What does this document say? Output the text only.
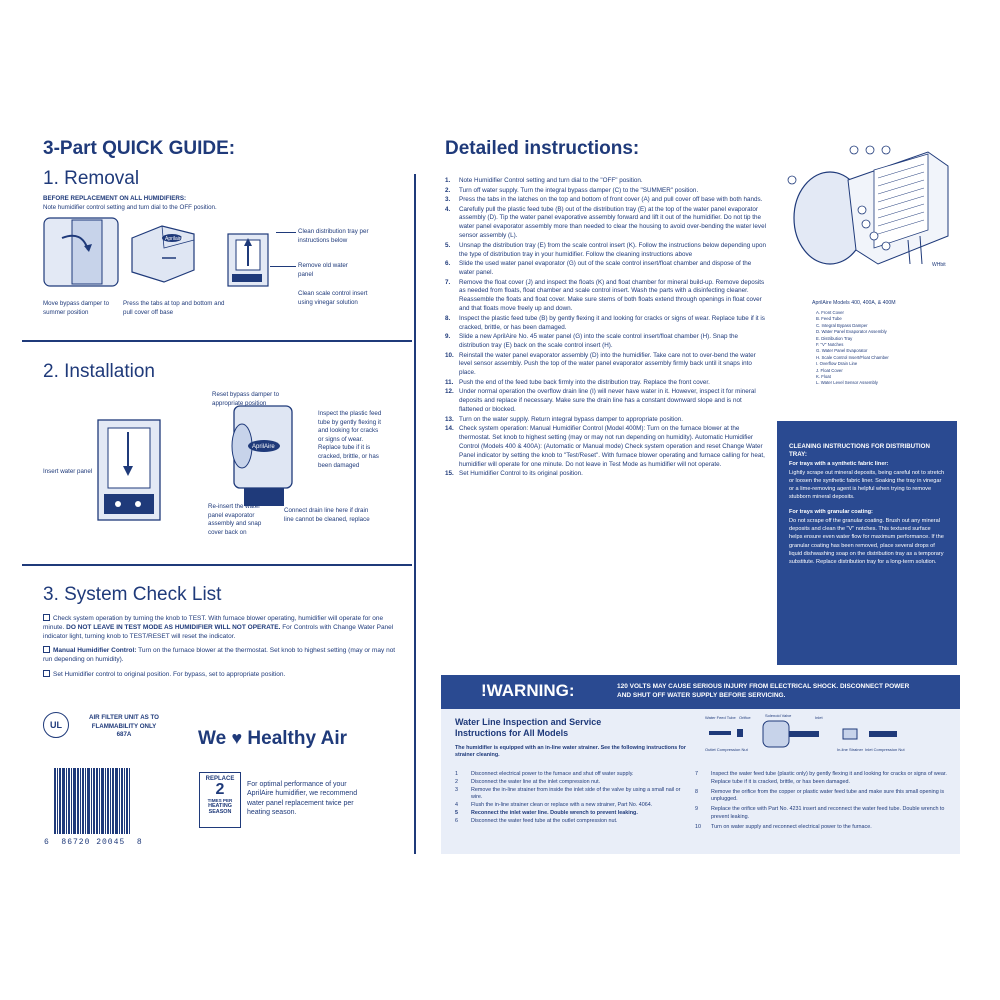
3-Part QUICK GUIDE:
1. Removal
BEFORE REPLACEMENT ON ALL HUMIDIFIERS:
Note humidifier control setting and turn dial to the OFF position.
Aprilaire
Move bypass damper to summer position
Press the tabs at top and bottom and pull cover off base
Clean distribution tray per instructions below
Remove old water panel
Clean scale control insert using vinegar solution
2. Installation
AprilAire
Reset bypass damper to appropriate position
Inspect the plastic feed tube by gently flexing it and looking for cracks or signs of wear. Replace tube if it is cracked, brittle, or has been damaged
Insert water panel
Re-insert the water panel evaporator assembly and snap cover back on
Connect drain line here if drain line cannot be cleaned, replace
3. System Check List
Check system operation by turning the knob to TEST. With furnace blower operating, humidifier will operate for one minute. DO NOT LEAVE IN TEST MODE AS HUMIDIFIER WILL NOT OPERATE. For Controls with Change Water Panel indicator light, turning knob to TEST/RESET will reset the indicator.
Manual Humidifier Control: Turn on the furnace blower at the thermostat. Set knob to highest setting (may or may not run depending on humidity).
Set Humidifier control to original position. For bypass, set to appropriate position.
UL
AIR FILTER UNIT AS TO FLAMMABILITY ONLY 687A
6  86720 20045  8
We ♥ Healthy Air
REPLACE
2
TIMES PER
HEATING SEASON
For optimal performance of your AprilAire humidifier, we recommend water panel replacement twice per heating season.
Detailed instructions:
1. Note Humidifier Control setting and turn dial to the "OFF" position.
2. Turn off water supply. Turn the integral bypass damper (C) to the "SUMMER" position.
3. Press the tabs in the latches on the top and bottom of front cover (A) and pull cover off base with both hands.
4. Carefully pull the plastic feed tube (B) out of the distribution tray (E) at the top of the water panel evaporator assembly (D). Tip the water panel evaporative assembly forward and lift it out of the humidifier. Do not tip the water panel evaporator assembly more than needed to clear the housing to avoid over-bending the water level sensor assembly (L).
5. Unsnap the distribution tray (E) from the scale control insert (K). Follow the instructions below depending upon the type of distribution tray in your humidifier. Follow the cleaning instructions above
6. Slide the used water panel evaporator (G) out of the scale control insert/float chamber and dispose of the water panel.
7. Remove the float cover (J) and inspect the floats (K) and float chamber for mineral build-up. Remove deposits as needed from floats, float chamber and scale control insert. Wash the parts with a disinfecting cleaner. Reassemble the floats and float cover. Make sure stems of both floats extend through openings in float cover and that floats move freely up and down.
8. Inspect the plastic feed tube (B) by gently flexing it and looking for cracks or signs of wear. Replace tube if it is cracked, brittle, or has been damaged.
9. Slide a new AprilAire No. 45 water panel (G) into the scale control insert/float chamber (H). Snap the distribution tray (E) back on the scale control insert (H).
10. Reinstall the water panel evaporator assembly (D) into the humidifier. Take care not to over-bend the water level sensor assembly. Push the top of the water panel evaporator assembly firmly back until it snaps into place.
11. Push the end of the feed tube back firmly into the distribution tray. Replace the front cover.
12. Under normal operation the overflow drain line (I) will never have water in it. However, inspect it for mineral deposits and replace if necessary. Make sure the drain line has a constant downward slope and is not flattened or blocked.
13. Turn on the water supply. Return integral bypass damper to appropriate position.
14. Check system operation: Manual Humidifier Control (Model 400M): Turn on the furnace blower at the thermostat. Set knob to highest setting (may or may not run depending on humidity). Automatic Humidifier Control (Models 400 & 400A): (Automatic or Manual mode) Check system operation and reset Change Water Panel indicator by setting the knob to "Test/Reset". With furnace blower operating and furnace calling for heat, humidifier will operate for one minute. Do not leave in Test Mode as humidifier will not operate.
15. Set Humidifier Control to its original position.
WHbit
AprilAire Models 400, 400A, & 400M
A. Front Cover
B. Feed Tube
C. Integral Bypass Damper
D. Water Panel Evaporator Assembly
E. Distribution Tray
F. "V" Notches
G. Water Panel Evaporator
H. Scale Control Insert/Float Chamber
I. Overflow Drain Line
J. Float Cover
K. Float
L. Water Level Sensor Assembly
CLEANING INSTRUCTIONS FOR DISTRIBUTION TRAY:
For trays with a synthetic fabric liner:
Lightly scrape out mineral deposits, being careful not to stretch or loosen the synthetic fabric liner. Soaking the tray in vinegar or a lime-removing agent is helpful when trying to remove stubborn mineral deposits.
For trays with granular coating:
Do not scrape off the granular coating. Brush out any mineral deposits and clean the "V" notches. This textured surface helps ensure even water flow for maximum performance. If the granular coating has been removed, place several drops of liquid dishwashing soap on the distribution tray as a temporary substitute. Replace distribution tray for a long-term solution.
!WARNING:	120 VOLTS MAY CAUSE SERIOUS INJURY FROM ELECTRICAL SHOCK. DISCONNECT POWER AND SHUT OFF WATER SUPPLY BEFORE SERVICING.
Water Line Inspection and Service Instructions for All Models
The humidifier is equipped with an in-line water strainer. See the following instructions for strainer cleaning.
Water Feed Tube Orifice	Solenoid Valve	Inlet
In-line Strainer
Outlet Compression Nut	Inlet Compression Nut
1 Disconnect electrical power to the furnace and shut off water supply.
2 Disconnect the water line at the inlet compression nut.
3 Remove the in-line strainer from inside the inlet side of the valve by using a small nail or wire.
4 Flush the in-line strainer clean or replace with a new strainer, Part No. 4064.
5 Reconnect the inlet water line. Double wrench to prevent leaking.
6 Disconnect the water feed tube at the outlet compression nut.
7 Inspect the water feed tube (plastic only) by gently flexing it and looking for cracks or signs of wear. Replace tube if it is cracked, brittle, or has been damaged.
8 Remove the orifice from the copper or plastic water feed tube and make sure this small opening is unplugged.
9 Replace the orifice with Part No. 4231 insert and reconnect the water feed tube. Double wrench to prevent leaking.
10 Turn on water supply and reconnect electrical power to the furnace.
